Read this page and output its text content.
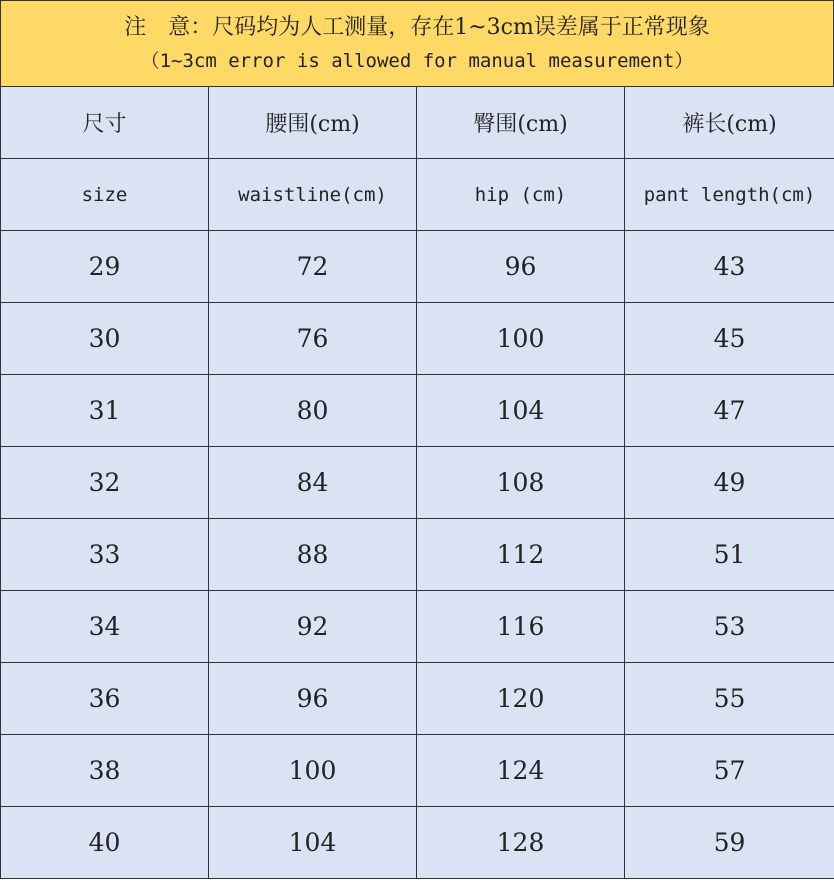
注　意：尺码均为人工测量，存在1~3cm误差属于正常现象
（1~3cm error is allowed for manual measurement）
尺寸	腰围(cm)	臀围(cm)	裤长(cm)
size	waistline(cm)	hip (cm)	pant length(cm)
29	72	96	43
30	76	100	45
31	80	104	47
32	84	108	49
33	88	112	51
34	92	116	53
36	96	120	55
38	100	124	57
40	104	128	59
